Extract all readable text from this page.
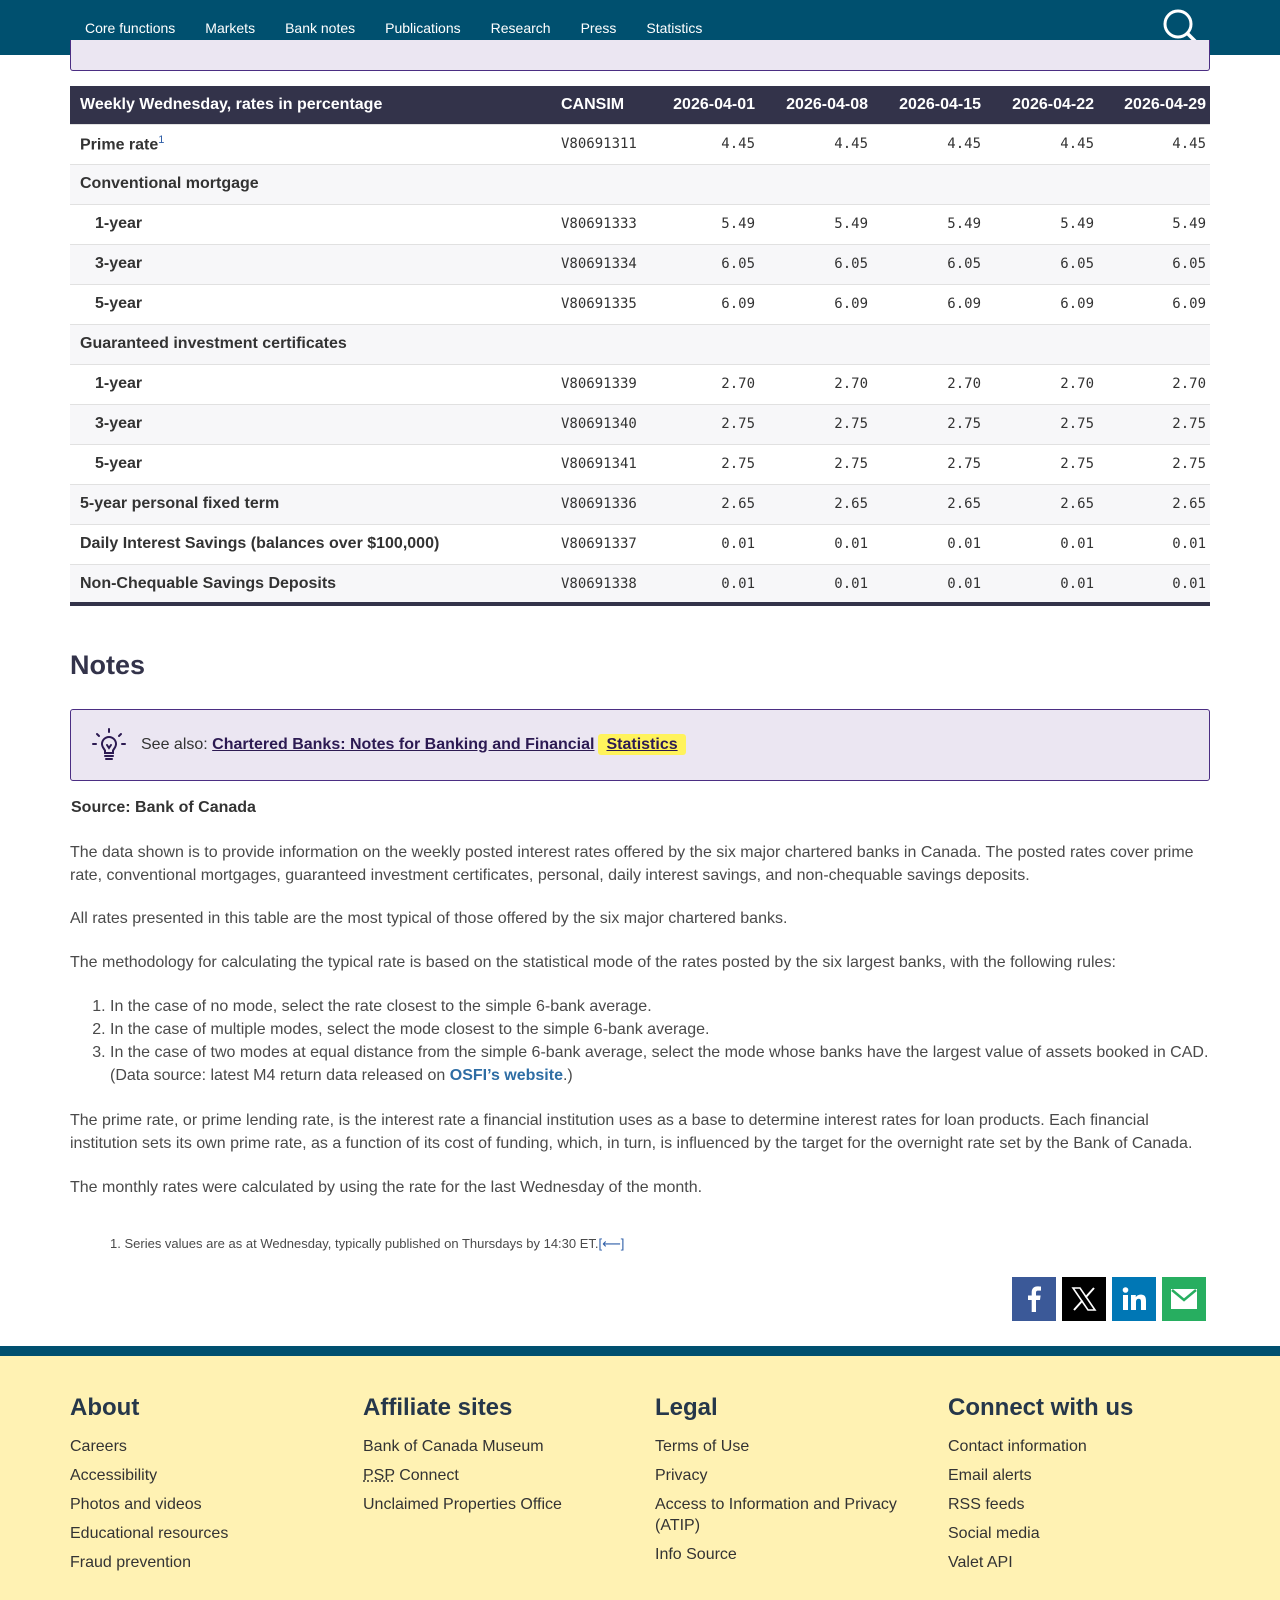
Core functions	Markets	Bank notes	Publications	Research	Press	Statistics
Weekly Wednesday, rates in percentage	CANSIM	2026-04-01	2026-04-08	2026-04-15	2026-04-22	2026-04-29
Prime rate$^1$	V80691311	4.45	4.45	4.45	4.45	4.45
Conventional mortgage						
1-year	V80691333	5.49	5.49	5.49	5.49	5.49
3-year	V80691334	6.05	6.05	6.05	6.05	6.05
5-year	V80691335	6.09	6.09	6.09	6.09	6.09
Guaranteed investment certificates						
1-year	V80691339	2.70	2.70	2.70	2.70	2.70
3-year	V80691340	2.75	2.75	2.75	2.75	2.75
5-year	V80691341	2.75	2.75	2.75	2.75	2.75
5-year personal fixed term	V80691336	2.65	2.65	2.65	2.65	2.65
Daily Interest Savings (balances over $100,000)	V80691337	0.01	0.01	0.01	0.01	0.01
Non-Chequable Savings Deposits	V80691338	0.01	0.01	0.01	0.01	0.01
Notes
See also: Chartered Banks: Notes for Banking and Financial Statistics
Source: Bank of Canada

The data shown is to provide information on the weekly posted interest rates offered by the six major chartered banks in Canada. The posted rates cover prime rate, conventional mortgages, guaranteed investment certificates, personal, daily interest savings, and non-chequable savings deposits.

All rates presented in this table are the most typical of those offered by the six major chartered banks.

The methodology for calculating the typical rate is based on the statistical mode of the rates posted by the six largest banks, with the following rules:

1. In the case of no mode, select the rate closest to the simple 6-bank average.
2. In the case of multiple modes, select the mode closest to the simple 6-bank average.
3. In the case of two modes at equal distance from the simple 6-bank average, select the mode whose banks have the largest value of assets booked in CAD. (Data source: latest M4 return data released on OSFI’s website.)

The prime rate, or prime lending rate, is the interest rate a financial institution uses as a base to determine interest rates for loan products. Each financial institution sets its own prime rate, as a function of its cost of funding, which, in turn, is influenced by the target for the overnight rate set by the Bank of Canada.

The monthly rates were calculated by using the rate for the last Wednesday of the month.

1. Series values are as at Wednesday, typically published on Thursdays by 14:30 ET.[⟵]
About
Careers
Accessibility
Photos and videos
Educational resources
Fraud prevention
Affiliate sites
Bank of Canada Museum
PSP Connect
Unclaimed Properties Office
Legal
Terms of Use
Privacy
Access to Information and Privacy (ATIP)
Info Source
Connect with us
Contact information
Email alerts
RSS feeds
Social media
Valet API
